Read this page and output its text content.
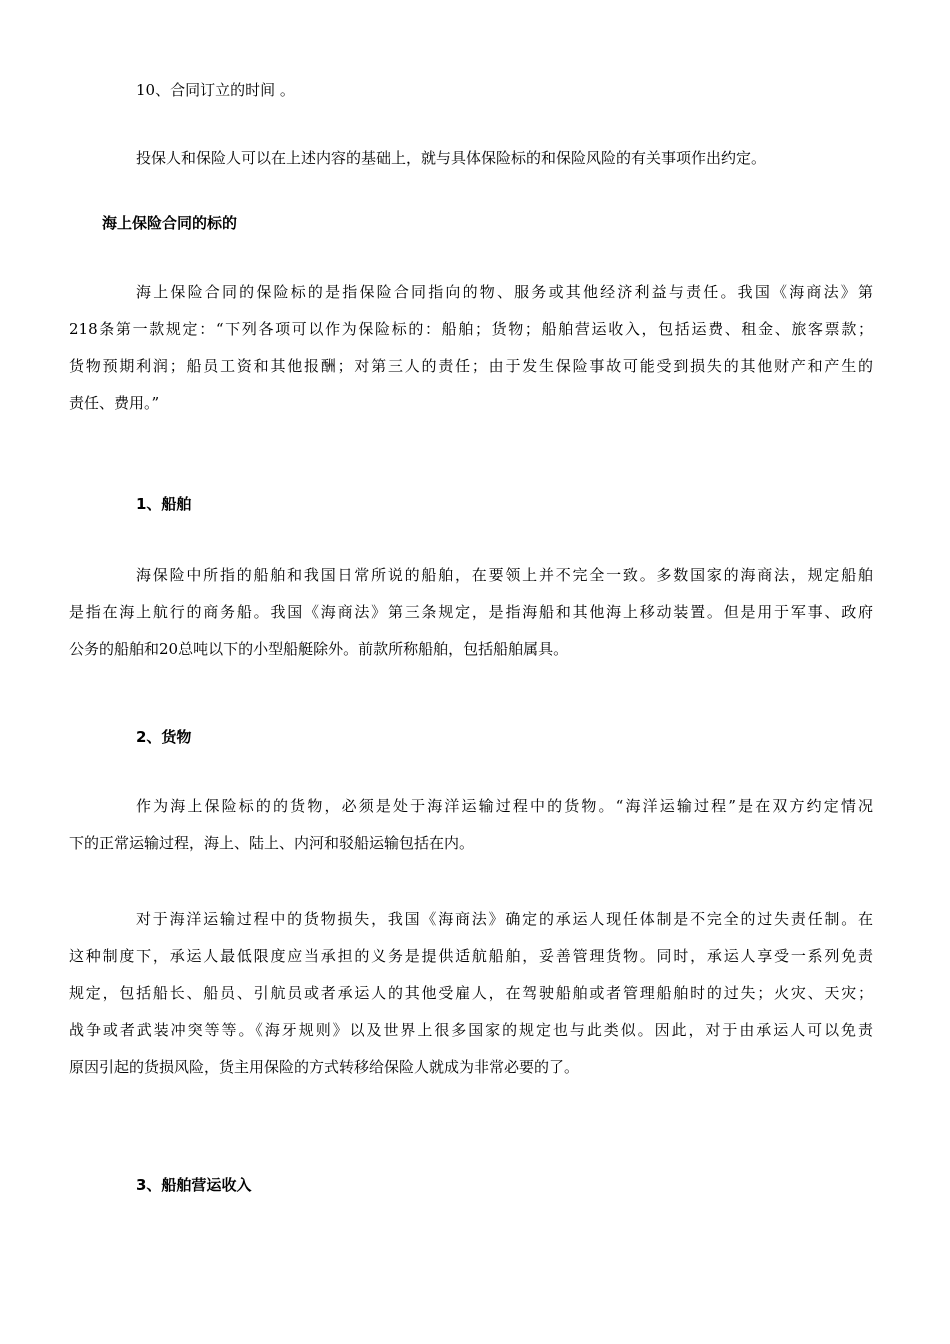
10、合同订立的时间 。
投保人和保险人可以在上述内容的基础上，就与具体保险标的和保险风险的有关事项作出约定。
海上保险合同的标的
海上保险合同的保险标的是指保险合同指向的物、服务或其他经济利益与责任。我国《海商法》第
218条第一款规定：“下列各项可以作为保险标的：船舶；货物；船舶营运收入，包括运费、租金、旅客票款；
货物预期利润；船员工资和其他报酬；对第三人的责任；由于发生保险事故可能受到损失的其他财产和产生的
责任、费用。”
1、船舶
海保险中所指的船舶和我国日常所说的船舶，在要领上并不完全一致。多数国家的海商法，规定船舶
是指在海上航行的商务船。我国《海商法》第三条规定，是指海船和其他海上移动装置。但是用于军事、政府
公务的船舶和20总吨以下的小型船艇除外。前款所称船舶，包括船舶属具。
2、货物
作为海上保险标的的货物，必须是处于海洋运输过程中的货物。“海洋运输过程”是在双方约定情况
下的正常运输过程，海上、陆上、内河和驳船运输包括在内。
对于海洋运输过程中的货物损失，我国《海商法》确定的承运人现任体制是不完全的过失责任制。在
这种制度下，承运人最低限度应当承担的义务是提供适航船舶，妥善管理货物。同时，承运人享受一系列免责
规定，包括船长、船员、引航员或者承运人的其他受雇人，在驾驶船舶或者管理船舶时的过失；火灾、天灾；
战争或者武装冲突等等。《海牙规则》以及世界上很多国家的规定也与此类似。因此，对于由承运人可以免责
原因引起的货损风险，货主用保险的方式转移给保险人就成为非常必要的了。
3、船舶营运收入
